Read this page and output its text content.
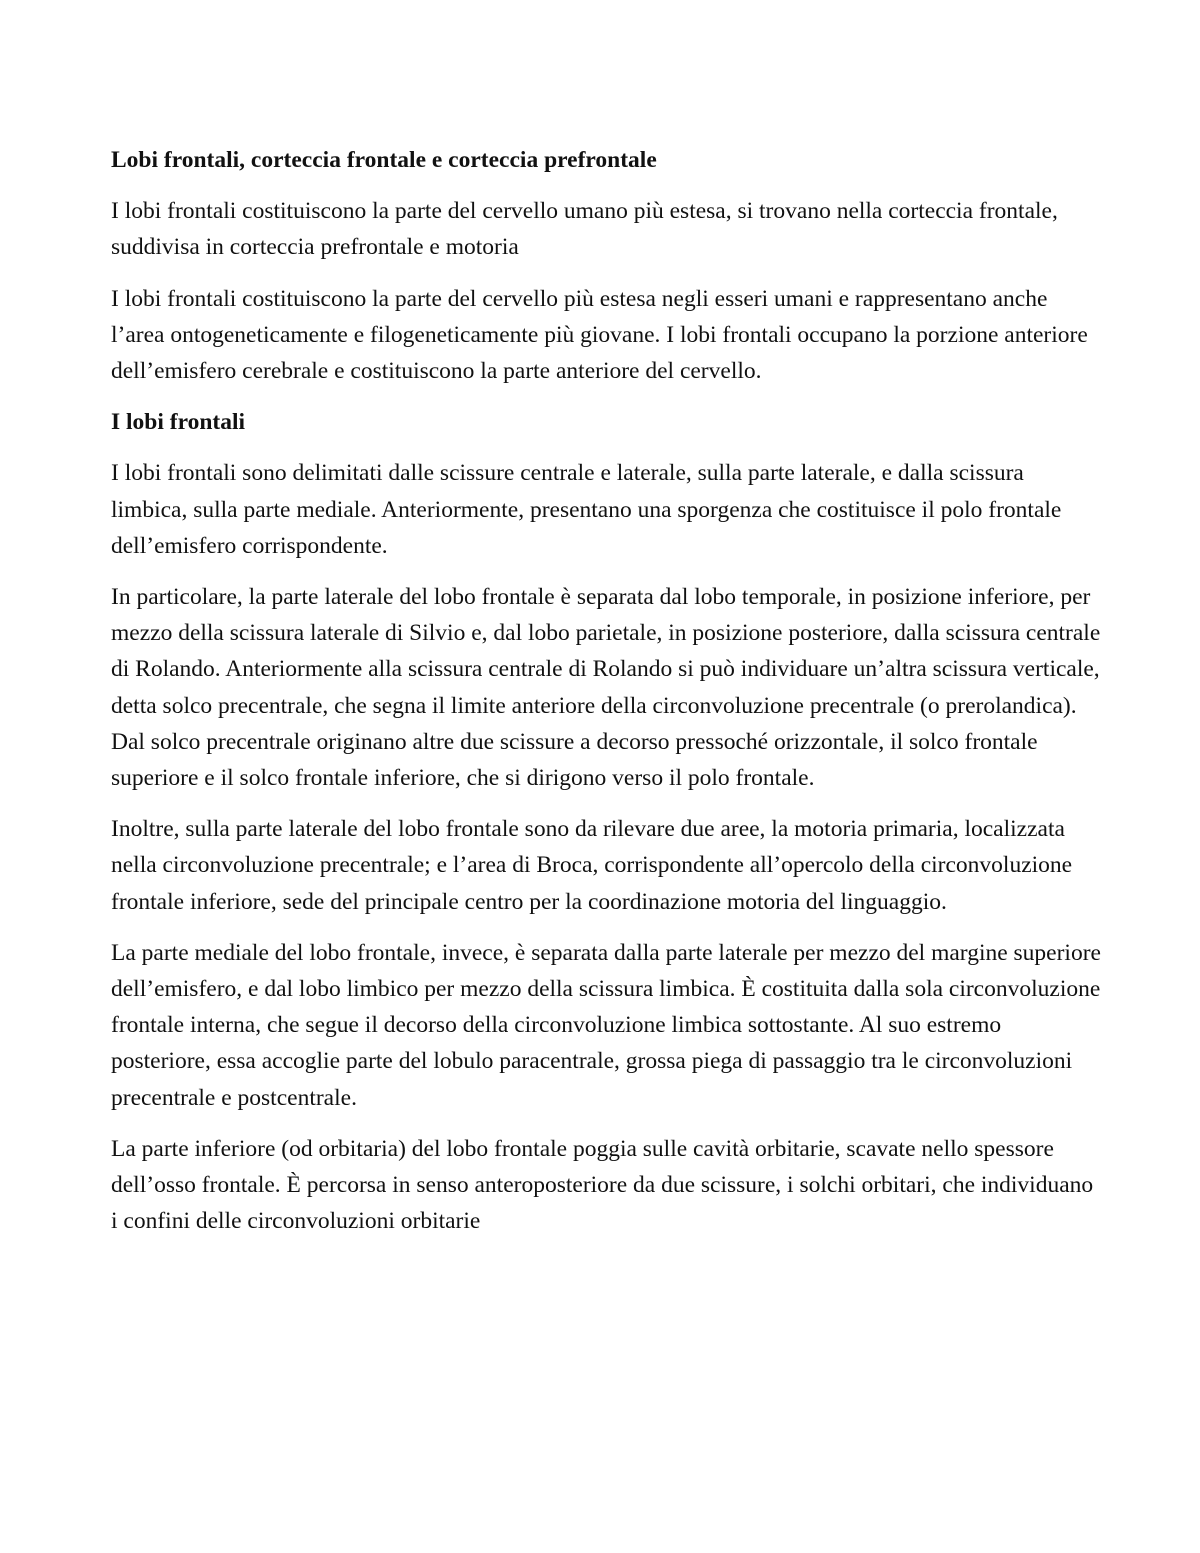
Lobi frontali, corteccia frontale e corteccia prefrontale

I lobi frontali costituiscono la parte del cervello umano più estesa, si trovano nella corteccia frontale, suddivisa in corteccia prefrontale e motoria

I lobi frontali costituiscono la parte del cervello più estesa negli esseri umani e rappresentano anche l’area ontogeneticamente e filogeneticamente più giovane. I lobi frontali occupano la porzione anteriore dell’emisfero cerebrale e costituiscono la parte anteriore del cervello.

I lobi frontali

I lobi frontali sono delimitati dalle scissure centrale e laterale, sulla parte laterale, e dalla scissura limbica, sulla parte mediale. Anteriormente, presentano una sporgenza che costituisce il polo frontale dell’emisfero corrispondente.

In particolare, la parte laterale del lobo frontale è separata dal lobo temporale, in posizione inferiore, per mezzo della scissura laterale di Silvio e, dal lobo parietale, in posizione posteriore, dalla scissura centrale di Rolando. Anteriormente alla scissura centrale di Rolando si può individuare un’altra scissura verticale, detta solco precentrale, che segna il limite anteriore della circonvoluzione precentrale (o prerolandica). Dal solco precentrale originano altre due scissure a decorso pressoché orizzontale, il solco frontale superiore e il solco frontale inferiore, che si dirigono verso il polo frontale.

Inoltre, sulla parte laterale del lobo frontale sono da rilevare due aree, la motoria primaria, localizzata nella circonvoluzione precentrale; e l’area di Broca, corrispondente all’opercolo della circonvoluzione frontale inferiore, sede del principale centro per la coordinazione motoria del linguaggio.

La parte mediale del lobo frontale, invece, è separata dalla parte laterale per mezzo del margine superiore dell’emisfero, e dal lobo limbico per mezzo della scissura limbica. È costituita dalla sola circonvoluzione frontale interna, che segue il decorso della circonvoluzione limbica sottostante. Al suo estremo posteriore, essa accoglie parte del lobulo paracentrale, grossa piega di passaggio tra le circonvoluzioni precentrale e postcentrale.

La parte inferiore (od orbitaria) del lobo frontale poggia sulle cavità orbitarie, scavate nello spessore dell’osso frontale. È percorsa in senso anteroposteriore da due scissure, i solchi orbitari, che individuano i confini delle circonvoluzioni orbitarie
